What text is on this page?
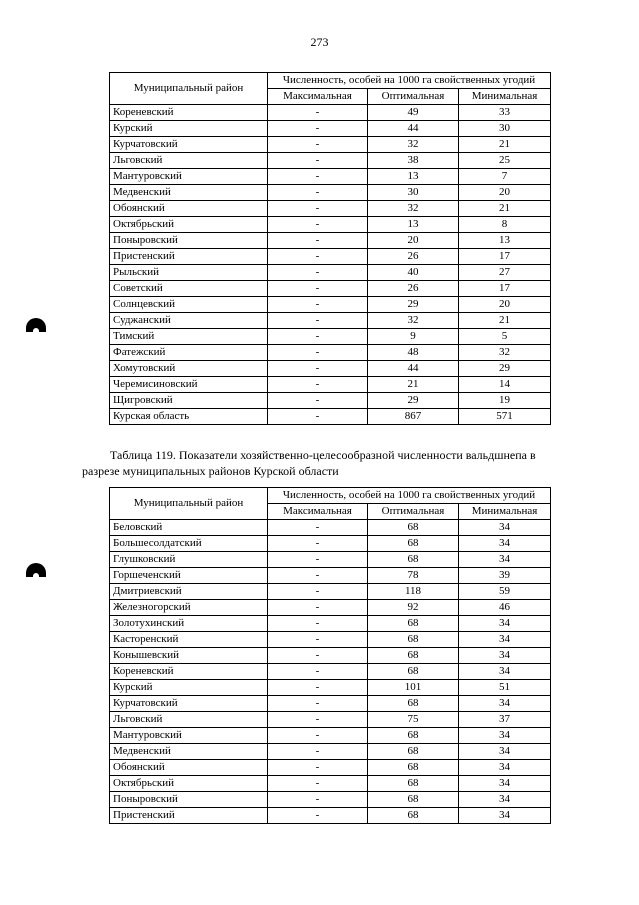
273
Муниципальный район	Численность, особей на 1000 га свойственных угодий		
	Максимальная	Оптимальная	Минимальная
Кореневский	-	49	33
Курский	-	44	30
Курчатовский	-	32	21
Льговский	-	38	25
Мантуровский	-	13	7
Медвенский	-	30	20
Обоянский	-	32	21
Октябрьский	-	13	8
Поныровский	-	20	13
Пристенский	-	26	17
Рыльский	-	40	27
Советский	-	26	17
Солнцевский	-	29	20
Суджанский	-	32	21
Тимский	-	9	5
Фатежский	-	48	32
Хомутовский	-	44	29
Черемисиновский	-	21	14
Щигровский	-	29	19
Курская область	-	867	571
Таблица 119. Показатели хозяйственно-целесообразной численности вальдшнепа в разрезе муниципальных районов Курской области
Муниципальный район	Численность, особей на 1000 га свойственных угодий		
	Максимальная	Оптимальная	Минимальная
Беловский	-	68	34
Большесолдатский	-	68	34
Глушковский	-	68	34
Горшеченский	-	78	39
Дмитриевский	-	118	59
Железногорский	-	92	46
Золотухинский	-	68	34
Касторенский	-	68	34
Конышевский	-	68	34
Кореневский	-	68	34
Курский	-	101	51
Курчатовский	-	68	34
Льговский	-	75	37
Мантуровский	-	68	34
Медвенский	-	68	34
Обоянский	-	68	34
Октябрьский	-	68	34
Поныровский	-	68	34
Пристенский	-	68	34
